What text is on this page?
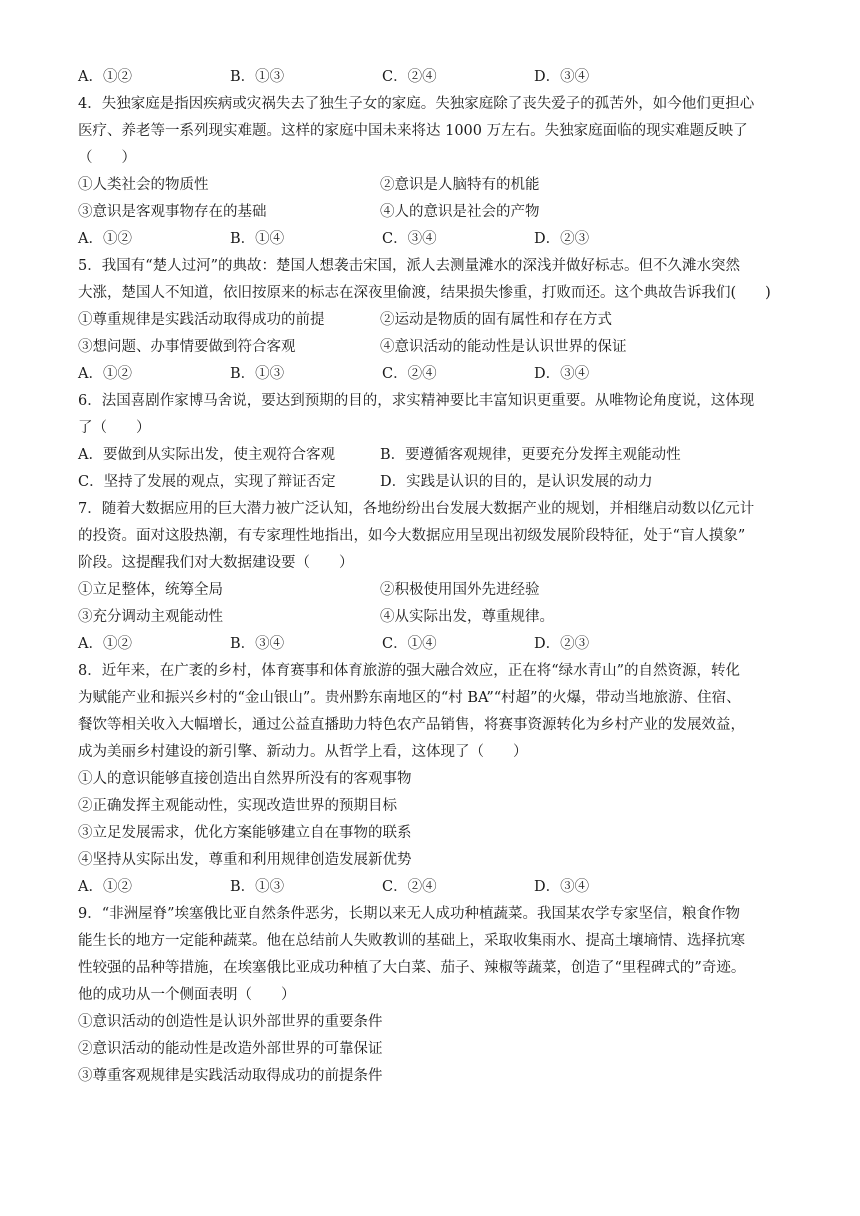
A．①②	B．①③	C．②④	D．③④
4．失独家庭是指因疾病或灾祸失去了独生子女的家庭。失独家庭除了丧失爱子的孤苦外，如今他们更担心
医疗、养老等一系列现实难题。这样的家庭中国未来将达 1000 万左右。失独家庭面临的现实难题反映了
（　　）
①人类社会的物质性	②意识是人脑特有的机能
③意识是客观事物存在的基础	④人的意识是社会的产物
A．①②	B．①④	C．③④	D．②③
5．我国有“楚人过河”的典故：楚国人想袭击宋国，派人去测量滩水的深浅并做好标志。但不久滩水突然
大涨，楚国人不知道，依旧按原来的标志在深夜里偷渡，结果损失惨重，打败而还。这个典故告诉我们(　　)
①尊重规律是实践活动取得成功的前提	②运动是物质的固有属性和存在方式
③想问题、办事情要做到符合客观	④意识活动的能动性是认识世界的保证
A．①②	B．①③	C．②④	D．③④
6．法国喜剧作家博马舍说，要达到预期的目的，求实精神要比丰富知识更重要。从唯物论角度说，这体现
了（　　）
A．要做到从实际出发，使主观符合客观	B．要遵循客观规律，更要充分发挥主观能动性
C．坚持了发展的观点，实现了辩证否定	D．实践是认识的目的，是认识发展的动力
7．随着大数据应用的巨大潜力被广泛认知，各地纷纷出台发展大数据产业的规划，并相继启动数以亿元计
的投资。面对这股热潮，有专家理性地指出，如今大数据应用呈现出初级发展阶段特征，处于“盲人摸象”
阶段。这提醒我们对大数据建设要（　　）
①立足整体，统筹全局	②积极使用国外先进经验
③充分调动主观能动性	④从实际出发，尊重规律。
A．①②	B．③④	C．①④	D．②③
8．近年来，在广袤的乡村，体育赛事和体育旅游的强大融合效应，正在将“绿水青山”的自然资源，转化
为赋能产业和振兴乡村的“金山银山”。贵州黔东南地区的“村 BA”“村超”的火爆，带动当地旅游、住宿、
餐饮等相关收入大幅增长，通过公益直播助力特色农产品销售，将赛事资源转化为乡村产业的发展效益，
成为美丽乡村建设的新引擎、新动力。从哲学上看，这体现了（　　）
①人的意识能够直接创造出自然界所没有的客观事物
②正确发挥主观能动性，实现改造世界的预期目标
③立足发展需求，优化方案能够建立自在事物的联系
④坚持从实际出发，尊重和利用规律创造发展新优势
A．①②	B．①③	C．②④	D．③④
9．“非洲屋脊”埃塞俄比亚自然条件恶劣，长期以来无人成功种植蔬菜。我国某农学专家坚信，粮食作物
能生长的地方一定能种蔬菜。他在总结前人失败教训的基础上，采取收集雨水、提高土壤墒情、选择抗寒
性较强的品种等措施，在埃塞俄比亚成功种植了大白菜、茄子、辣椒等蔬菜，创造了“里程碑式的”奇迹。
他的成功从一个侧面表明（　　）
①意识活动的创造性是认识外部世界的重要条件
②意识活动的能动性是改造外部世界的可靠保证
③尊重客观规律是实践活动取得成功的前提条件
